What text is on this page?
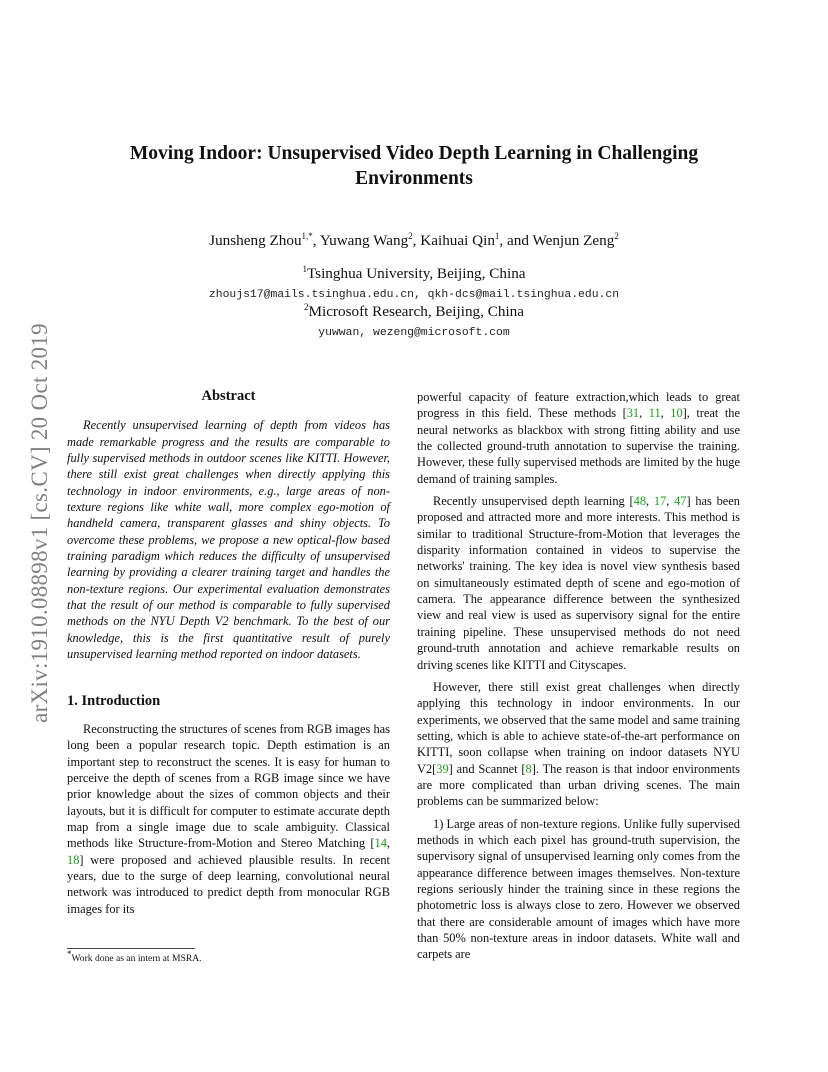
arXiv:1910.08898v1 [cs.CV] 20 Oct 2019
Moving Indoor: Unsupervised Video Depth Learning in Challenging
Environments
Junsheng Zhou$^{1,*}$, Yuwang Wang$^2$, Kaihuai Qin$^1$, and Wenjun Zeng$^2$
$^1$Tsinghua University, Beijing, China
zhoujs17@mails.tsinghua.edu.cn, qkh-dcs@mail.tsinghua.edu.cn
$^2$Microsoft Research, Beijing, China
yuwwan, wezeng@microsoft.com
Abstract

Recently unsupervised learning of depth from videos has made remarkable progress and the results are comparable to fully supervised methods in outdoor scenes like KITTI. However, there still exist great challenges when directly applying this technology in indoor environments, e.g., large areas of non-texture regions like white wall, more complex ego-motion of handheld camera, transparent glasses and shiny objects. To overcome these problems, we propose a new optical-flow based training paradigm which reduces the difficulty of unsupervised learning by providing a clearer training target and handles the non-texture regions. Our experimental evaluation demonstrates that the result of our method is comparable to fully supervised methods on the NYU Depth V2 benchmark. To the best of our knowledge, this is the first quantitative result of purely unsupervised learning method reported on indoor datasets.

1. Introduction

Reconstructing the structures of scenes from RGB images has long been a popular research topic. Depth estimation is an important step to reconstruct the scenes. It is easy for human to perceive the depth of scenes from a RGB image since we have prior knowledge about the sizes of common objects and their layouts, but it is difficult for computer to estimate accurate depth map from a single image due to scale ambiguity. Classical methods like Structure-from-Motion and Stereo Matching [14, 18] were proposed and achieved plausible results. In recent years, due to the surge of deep learning, convolutional neural network was introduced to predict depth from monocular RGB images for its

powerful capacity of feature extraction,which leads to great progress in this field. These methods [31, 11, 10], treat the neural networks as blackbox with strong fitting ability and use the collected ground-truth annotation to supervise the training. However, these fully supervised methods are limited by the huge demand of training samples.

Recently unsupervised depth learning [48, 17, 47] has been proposed and attracted more and more interests. This method is similar to traditional Structure-from-Motion that leverages the disparity information contained in videos to supervise the networks' training. The key idea is novel view synthesis based on simultaneously estimated depth of scene and ego-motion of camera. The appearance difference between the synthesized view and real view is used as supervisory signal for the entire training pipeline. These unsupervised methods do not need ground-truth annotation and achieve remarkable results on driving scenes like KITTI and Cityscapes.

However, there still exist great challenges when directly applying this technology in indoor environments. In our experiments, we observed that the same model and same training setting, which is able to achieve state-of-the-art performance on KITTI, soon collapse when training on indoor datasets NYU V2[39] and Scannet [8]. The reason is that indoor environments are more complicated than urban driving scenes. The main problems can be summarized below:

1) Large areas of non-texture regions. Unlike fully supervised methods in which each pixel has ground-truth supervision, the supervisory signal of unsupervised learning only comes from the appearance difference between images themselves. Non-texture regions seriously hinder the training since in these regions the photometric loss is always close to zero. However we observed that there are considerable amount of images which have more than 50% non-texture areas in indoor datasets. White wall and carpets are

*Work done as an intern at MSRA.
